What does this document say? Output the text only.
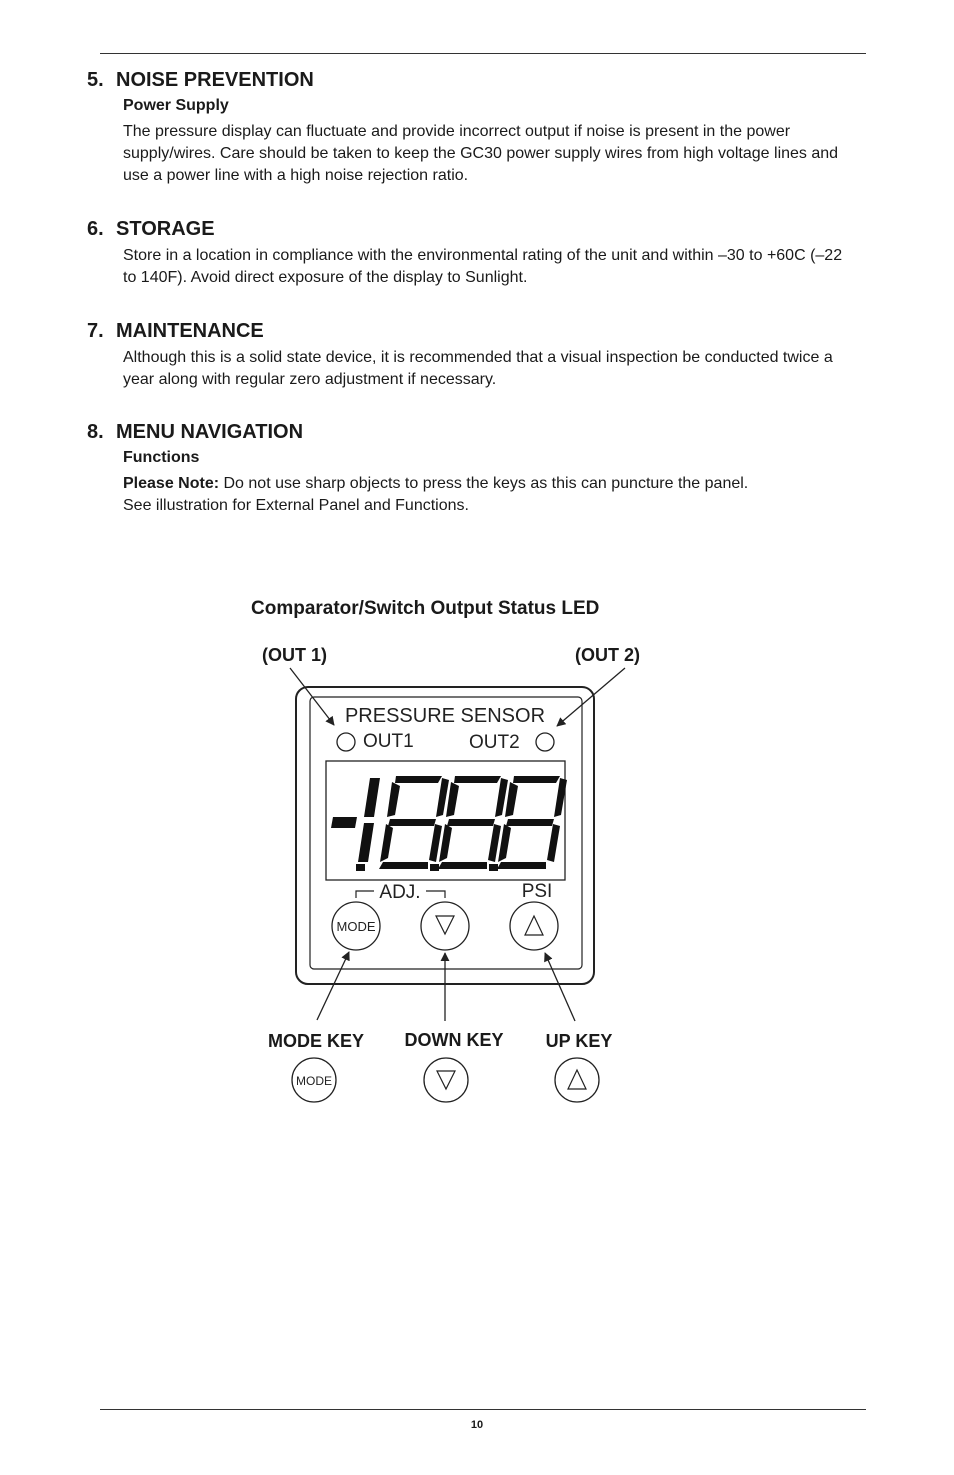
5. NOISE PREVENTION

Power Supply

The pressure display can fluctuate and provide incorrect output if noise is present in the power supply/wires. Care should be taken to keep the GC30 power supply wires from high voltage lines and use a power line with a high noise rejection ratio.

6. STORAGE

Store in a location in compliance with the environmental rating of the unit and within –30 to +60C (–22 to 140F). Avoid direct exposure of the display to Sunlight.

7. MAINTENANCE

Although this is a solid state device, it is recommended that a visual inspection be conducted twice a year along with regular zero adjustment if necessary.

8. MENU NAVIGATION

Functions

Please Note: Do not use sharp objects to press the keys as this can puncture the panel.
See illustration for External Panel and Functions.

Comparator/Switch Output Status LED
(OUT 1)	(OUT 2)
PRESSURE SENSOR
OUT1	OUT2
ADJ.	PSI
MODE
MODE KEY DOWN KEY UP KEY
MODE
10
